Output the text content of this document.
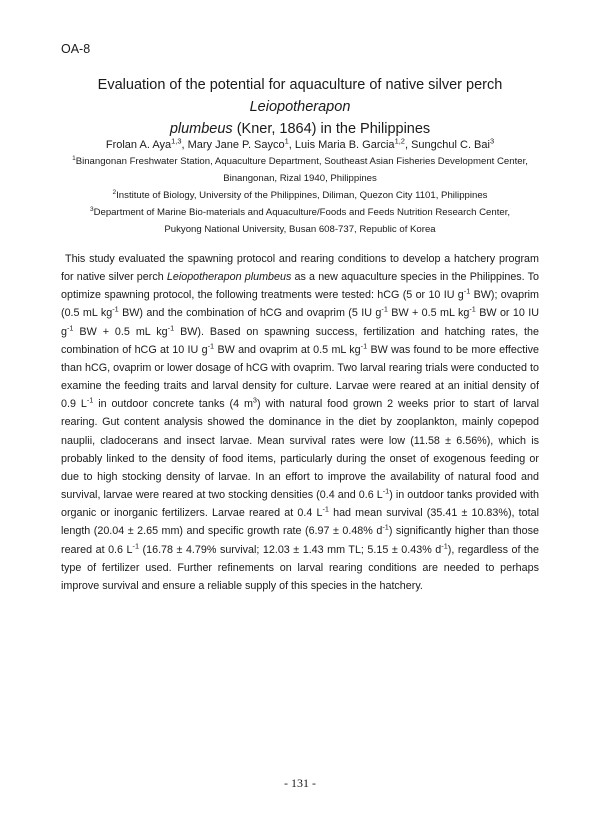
OA-8
Evaluation of the potential for aquaculture of native silver perch Leiopotherapon
plumbeus (Kner, 1864) in the Philippines
Frolan A. Aya$^{1,3}$, Mary Jane P. Sayco$^1$, Luis Maria B. Garcia$^{1,2}$, Sungchul C. Bai$^3$
$^1$Binangonan Freshwater Station, Aquaculture Department, Southeast Asian Fisheries Development Center,
Binangonan, Rizal 1940, Philippines
$^2$Institute of Biology, University of the Philippines, Diliman, Quezon City 1101, Philippines
$^3$Department of Marine Bio-materials and Aquaculture/Foods and Feeds Nutrition Research Center,
Pukyong National University, Busan 608-737, Republic of Korea

This study evaluated the spawning protocol and rearing conditions to develop a hatchery program for native silver perch Leiopotherapon plumbeus as a new aquaculture species in the Philippines. To optimize spawning protocol, the following treatments were tested: hCG (5 or 10 IU $g^{-1}$ BW); ovaprim (0.5 mL $kg^{-1}$ BW) and the combination of hCG and ovaprim (5 IU $g^{-1}$ BW + 0.5 mL $kg^{-1}$ BW or 10 IU $g^{-1}$ BW + 0.5 mL $kg^{-1}$ BW). Based on spawning success, fertilization and hatching rates, the combination of hCG at 10 IU $g^{-1}$ BW and ovaprim at 0.5 mL $kg^{-1}$ BW was found to be more effective than hCG, ovaprim or lower dosage of hCG with ovaprim. Two larval rearing trials were conducted to examine the feeding traits and larval density for culture. Larvae were reared at an initial density of 0.9 $L^{-1}$ in outdoor concrete tanks (4 $m^3$) with natural food grown 2 weeks prior to start of larval rearing. Gut content analysis showed the dominance in the diet by zooplankton, mainly copepod nauplii, cladocerans and insect larvae. Mean survival rates were low (11.58 ± 6.56%), which is probably linked to the density of food items, particularly during the onset of exogenous feeding or due to high stocking density of larvae. In an effort to improve the availability of natural food and survival, larvae were reared at two stocking densities (0.4 and 0.6 $L^{-1}$) in outdoor tanks provided with organic or inorganic fertilizers. Larvae reared at 0.4 $L^{-1}$ had mean survival (35.41 ± 10.83%), total length (20.04 ± 2.65 mm) and specific growth rate (6.97 ± 0.48% $d^{-1}$) significantly higher than those reared at 0.6 $L^{-1}$ (16.78 ± 4.79% survival; 12.03 ± 1.43 mm TL; 5.15 ± 0.43% $d^{-1}$), regardless of the type of fertilizer used. Further refinements on larval rearing conditions are needed to perhaps improve survival and ensure a reliable supply of this species in the hatchery.

- 131 -
